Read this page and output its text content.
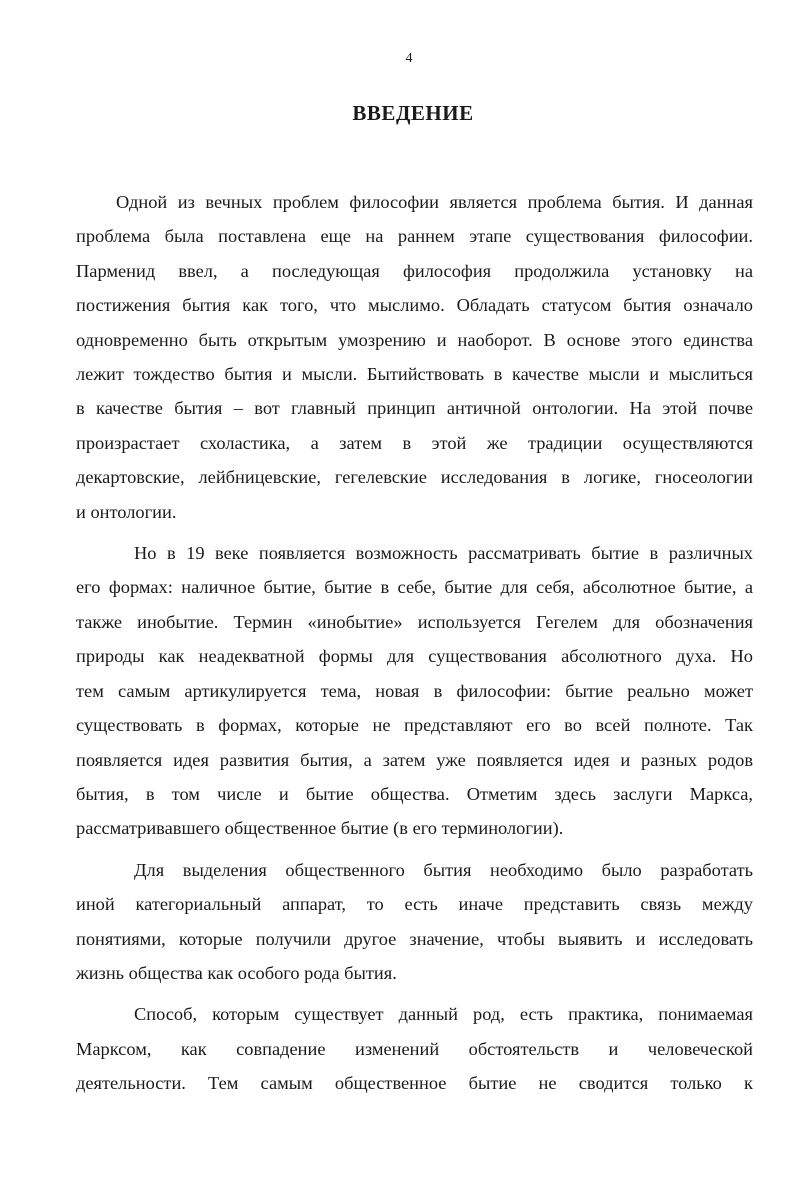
4
ВВЕДЕНИЕ
Одной из вечных проблем философии является проблема бытия. И данная
проблема была поставлена еще на раннем этапе существования философии.
Парменид ввел, а последующая философия продолжила установку на
постижения бытия как того, что мыслимо. Обладать статусом бытия означало
одновременно быть открытым умозрению и наоборот. В основе этого единства
лежит тождество бытия и мысли. Бытийствовать в качестве мысли и мыслиться
в качестве бытия – вот главный принцип античной онтологии. На этой почве
произрастает схоластика, а затем в этой же традиции осуществляются
декартовские, лейбницевские, гегелевские исследования в логике, гносеологии
и онтологии.
Но в 19 веке появляется возможность рассматривать бытие в различных
его формах: наличное бытие, бытие в себе, бытие для себя, абсолютное бытие, а
также инобытие. Термин «инобытие» используется Гегелем для обозначения
природы как неадекватной формы для существования абсолютного духа. Но
тем самым артикулируется тема, новая в философии: бытие реально может
существовать в формах, которые не представляют его во всей полноте. Так
появляется идея развития бытия, а затем уже появляется идея и разных родов
бытия, в том числе и бытие общества. Отметим здесь заслуги Маркса,
рассматривавшего общественное бытие (в его терминологии).
Для выделения общественного бытия необходимо было разработать
иной категориальный аппарат, то есть иначе представить связь между
понятиями, которые получили другое значение, чтобы выявить и исследовать
жизнь общества как особого рода бытия.
Способ, которым существует данный род, есть практика, понимаемая
Марксом, как совпадение изменений обстоятельств и человеческой
деятельности. Тем самым общественное бытие не сводится только к
